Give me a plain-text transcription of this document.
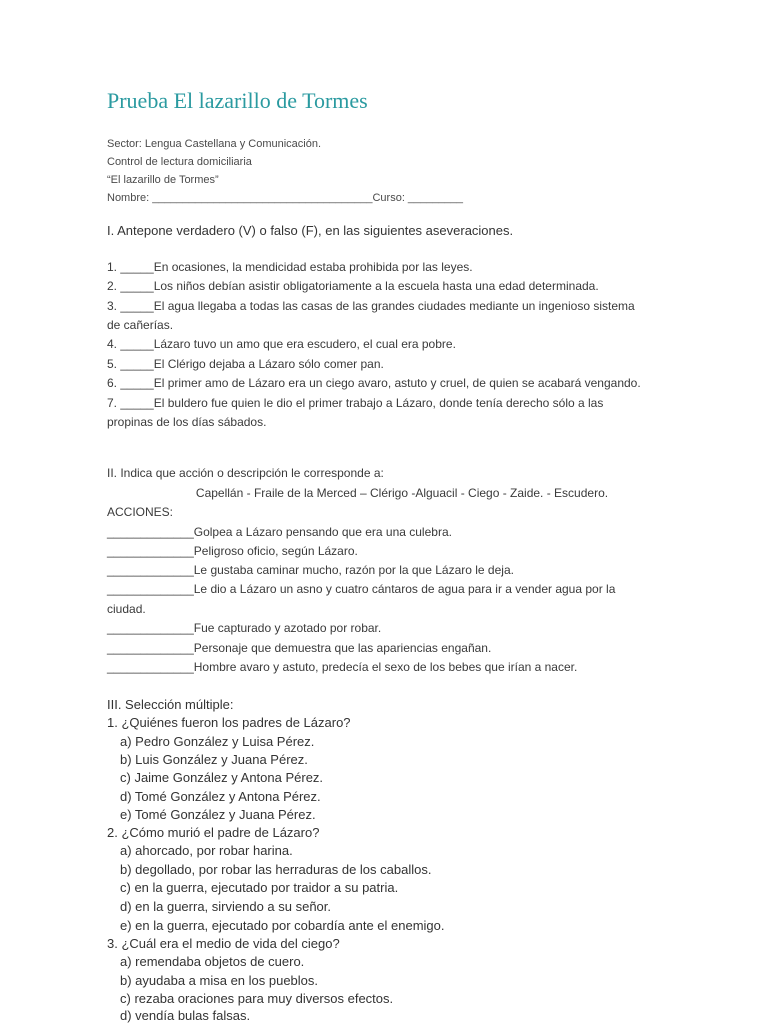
Prueba El lazarillo de Tormes
Sector: Lengua Castellana y Comunicación.
Control de lectura domiciliaria
“El lazarillo de Tormes”
Nombre: ____________________________________Curso: _________
I. Antepone verdadero (V) o falso (F), en las siguientes aseveraciones.
1. _____En ocasiones, la mendicidad estaba prohibida por las leyes.
2. _____Los niños debían asistir obligatoriamente a la escuela hasta una edad determinada.
3. _____El agua llegaba a todas las casas de las grandes ciudades mediante un ingenioso sistema
de cañerías.
4. _____Lázaro tuvo un amo que era escudero, el cual era pobre.
5. _____El Clérigo dejaba a Lázaro sólo comer pan.
6. _____El primer amo de Lázaro era un ciego avaro, astuto y cruel, de quien se acabará vengando.
7. _____El buldero fue quien le dio el primer trabajo a Lázaro, donde tenía derecho sólo a las
propinas de los días sábados.
II. Indica que acción o descripción le corresponde a:
Capellán - Fraile de la Merced – Clérigo -Alguacil - Ciego - Zaide. - Escudero.
ACCIONES:
_____________Golpea a Lázaro pensando que era una culebra.
_____________Peligroso oficio, según Lázaro.
_____________Le gustaba caminar mucho, razón por la que Lázaro le deja.
_____________Le dio a Lázaro un asno y cuatro cántaros de agua para ir a vender agua por la
ciudad.
_____________Fue capturado y azotado por robar.
_____________Personaje que demuestra que las apariencias engañan.
_____________Hombre avaro y astuto, predecía el sexo de los bebes que irían a nacer.
III. Selección múltiple:
1. ¿Quiénes fueron los padres de Lázaro?
a) Pedro González y Luisa Pérez.
b) Luis González y Juana Pérez.
c) Jaime González y Antona Pérez.
d) Tomé González y Antona Pérez.
e) Tomé González y Juana Pérez.
2. ¿Cómo murió el padre de Lázaro?
a) ahorcado, por robar harina.
b) degollado, por robar las herraduras de los caballos.
c) en la guerra, ejecutado por traidor a su patria.
d) en la guerra, sirviendo a su señor.
e) en la guerra, ejecutado por cobardía ante el enemigo.
3. ¿Cuál era el medio de vida del ciego?
a) remendaba objetos de cuero.
b) ayudaba a misa en los pueblos.
c) rezaba oraciones para muy diversos efectos.
d) vendía bulas falsas.
